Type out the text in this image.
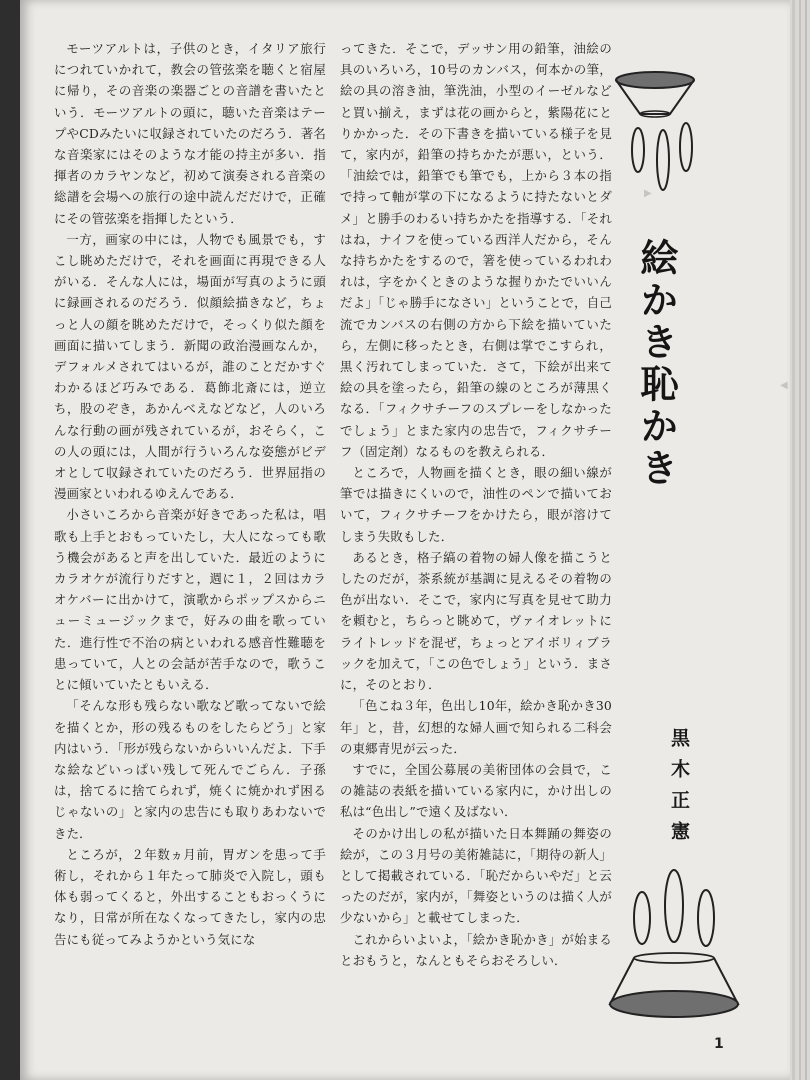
▶
◀

モーツアルトは，子供のとき，イタリア旅行につれていかれて，教会の管弦楽を聴くと宿屋に帰り，その音楽の楽器ごとの音譜を書いたという．モーツアルトの頭に，聴いた音楽はテープやCDみたいに収録されていたのだろう．著名な音楽家にはそのような才能の持主が多い．指揮者のカラヤンなど，初めて演奏される音楽の総譜を会場への旅行の途中読んだだけで，正確にその管弦楽を指揮したという．

一方，画家の中には，人物でも風景でも，すこし眺めただけで，それを画面に再現できる人がいる．そんな人には，場面が写真のように頭に録画されるのだろう．似顔絵描きなど，ちょっと人の顔を眺めただけで，そっくり似た顔を画面に描いてしまう．新聞の政治漫画なんか，デフォルメされてはいるが，誰のことだかすぐわかるほど巧みである．葛飾北斎には，逆立ち，股のぞき，あかんべえなどなど，人のいろんな行動の画が残されているが，おそらく，この人の頭には，人間が行ういろんな姿態がビデオとして収録されていたのだろう．世界屈指の漫画家といわれるゆえんである．

小さいころから音楽が好きであった私は，唱歌も上手とおもっていたし，大人になっても歌う機会があると声を出していた．最近のようにカラオケが流行りだすと，週に１，２回はカラオケバーに出かけて，演歌からポップスからニューミュージックまで，好みの曲を歌っていた．進行性で不治の病といわれる感音性難聴を患っていて，人との会話が苦手なので，歌うことに傾いていたともいえる．

「そんな形も残らない歌など歌ってないで絵を描くとか，形の残るものをしたらどう」と家内はいう．「形が残らないからいいんだよ．下手な絵などいっぱい残して死んでごらん．子孫は，捨てるに捨てられず，焼くに焼かれず困るじゃないの」と家内の忠告にも取りあわないできた．

ところが，２年数ヵ月前，胃ガンを患って手術し，それから１年たって肺炎で入院し，頭も体も弱ってくると，外出することもおっくうになり，日常が所在なくなってきたし，家内の忠告にも従ってみようかという気にな

ってきた．そこで，デッサン用の鉛筆，油絵の具のいろいろ，10号のカンバス，何本かの筆，絵の具の溶き油，筆洗油，小型のイーゼルなどと買い揃え，まずは花の画からと，紫陽花にとりかかった．その下書きを描いている様子を見て，家内が，鉛筆の持ちかたが悪い，という．「油絵では，鉛筆でも筆でも，上から３本の指で持って軸が掌の下になるように持たないとダメ」と勝手のわるい持ちかたを指導する．「それはね，ナイフを使っている西洋人だから，そんな持ちかたをするので，箸を使っているわれわれは，字をかくときのような握りかたでいいんだよ」「じゃ勝手になさい」ということで，自己流でカンバスの右側の方から下絵を描いていたら，左側に移ったとき，右側は掌でこすられ，黒く汚れてしまっていた．さて，下絵が出来て絵の具を塗ったら，鉛筆の線のところが薄黒くなる．「フィクサチーフのスプレーをしなかったでしょう」とまた家内の忠告で，フィクサチーフ（固定剤）なるものを教えられる．

ところで，人物画を描くとき，眼の細い線が筆では描きにくいので，油性のペンで描いておいて，フィクサチーフをかけたら，眼が溶けてしまう失敗もした．

あるとき，格子縞の着物の婦人像を描こうとしたのだが，茶系統が基調に見えるその着物の色が出ない．そこで，家内に写真を見せて助力を頼むと，ちらっと眺めて，ヴァイオレットにライトレッドを混ぜ，ちょっとアイボリィブラックを加えて，「この色でしょう」という．まさに，そのとおり．

「色こね３年，色出し10年，絵かき恥かき30年」と，昔，幻想的な婦人画で知られる二科会の東郷青児が云った．

すでに，全国公募展の美術団体の会員で，この雑誌の表紙を描いている家内に，かけ出しの私は“色出し”で遠く及ばない．

そのかけ出しの私が描いた日本舞踊の舞姿の絵が，この３月号の美術雑誌に，「期待の新人」として掲載されている．「恥だからいやだ」と云ったのだが，家内が，「舞姿というのは描く人が少ないから」と載せてしまった．

これからいよいよ，「絵かき恥かき」が始まるとおもうと，なんともそらおそろしい．

絵かき恥かき
黒木正憲
1
